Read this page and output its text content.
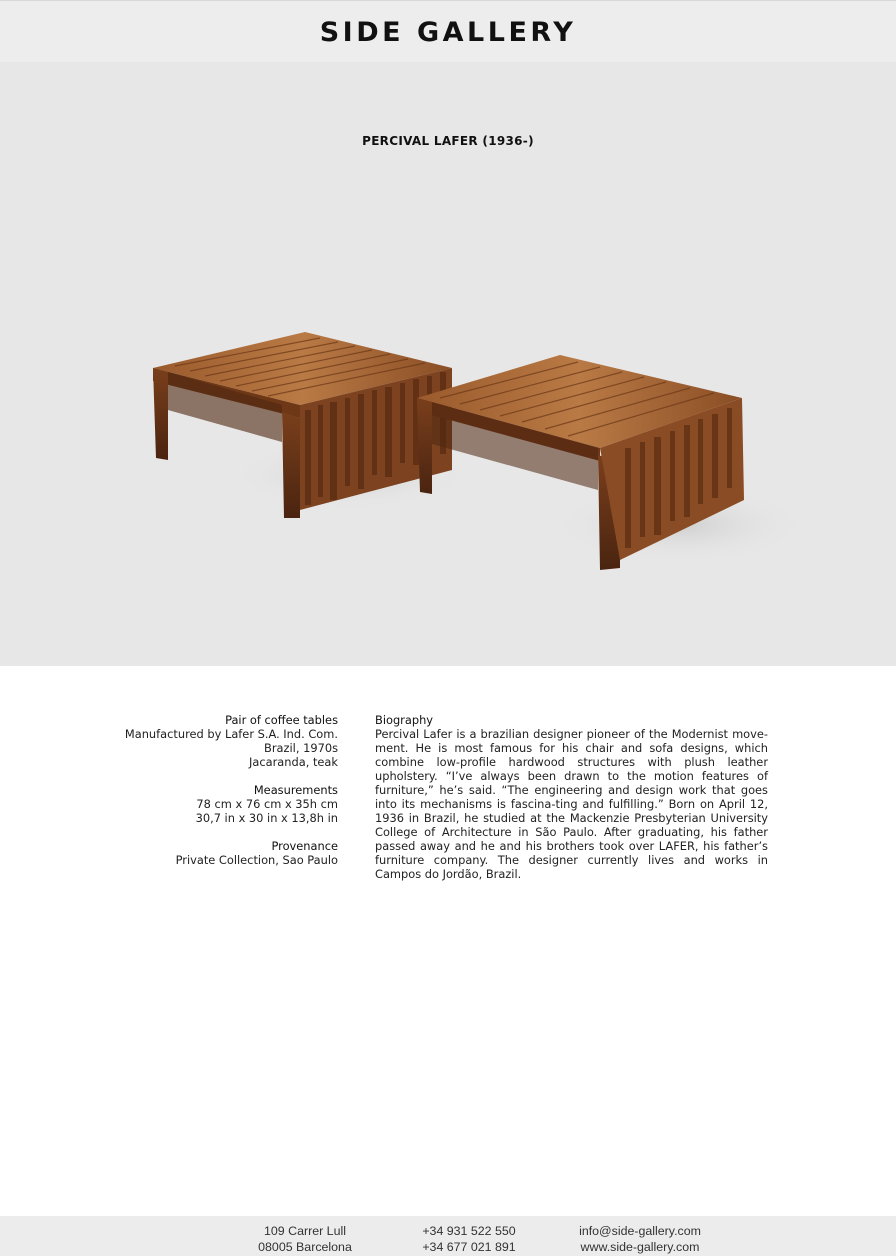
SIDE GALLERY
PERCIVAL LAFER (1936-)
Pair of coffee tables
Manufactured by Lafer S.A. Ind. Com.
Brazil, 1970s
Jacaranda, teak
Measurements
78 cm x 76 cm x 35h cm
30,7 in x 30 in x 13,8h in
Provenance
Private Collection, Sao Paulo
Biography
Percival Lafer is a brazilian designer pioneer of the Modernist move-ment. He is most famous for his chair and sofa designs, which combine low-profile hardwood structures with plush leather upholstery. “I’ve always been drawn to the motion features of furniture,” he’s said. “The engineering and design work that goes into its mechanisms is fascina-ting and fulfilling.” Born on April 12, 1936 in Brazil, he studied at the Mackenzie Presbyterian University College of Architecture in São Paulo. After graduating, his father passed away and he and his brothers took over LAFER, his father’s furniture company. The designer currently lives and works in Campos do Jordão, Brazil.
109 Carrer Lull
08005 Barcelona
+34 931 522 550
+34 677 021 891
info@side-gallery.com
www.side-gallery.com
